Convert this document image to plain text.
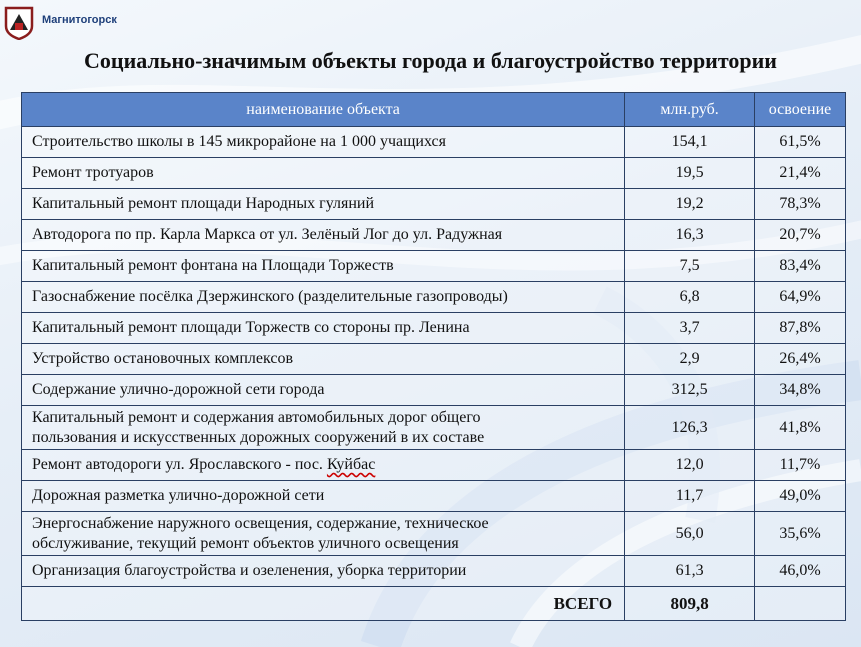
Магнитогорск
Социально-значимым объекты города и благоустройство территории
наименование объекта	млн.руб.	освоение
Строительство школы в 145 микрорайоне на 1 000 учащихся	154,1	61,5%
Ремонт тротуаров	19,5	21,4%
Капитальный ремонт площади Народных гуляний	19,2	78,3%
Автодорога по пр. Карла Маркса от ул. Зелёный Лог до ул. Радужная	16,3	20,7%
Капитальный ремонт фонтана на Площади Торжеств	7,5	83,4%
Газоснабжение посёлка Дзержинского (разделительные газопроводы)	6,8	64,9%
Капитальный ремонт площади Торжеств со стороны пр. Ленина	3,7	87,8%
Устройство остановочных комплексов	2,9	26,4%
Содержание улично-дорожной сети города	312,5	34,8%
Капитальный ремонт и содержания автомобильных дорог общего
пользования и искусственных дорожных сооружений в их составе	126,3	41,8%
Ремонт автодороги ул. Ярославского - пос. Куйбас	12,0	11,7%
Дорожная разметка улично-дорожной сети	11,7	49,0%
Энергоснабжение наружного освещения, содержание, техническое
обслуживание, текущий ремонт объектов уличного освещения	56,0	35,6%
Организация благоустройства и озеленения, уборка территории	61,3	46,0%
ВСЕГО	809,8	
